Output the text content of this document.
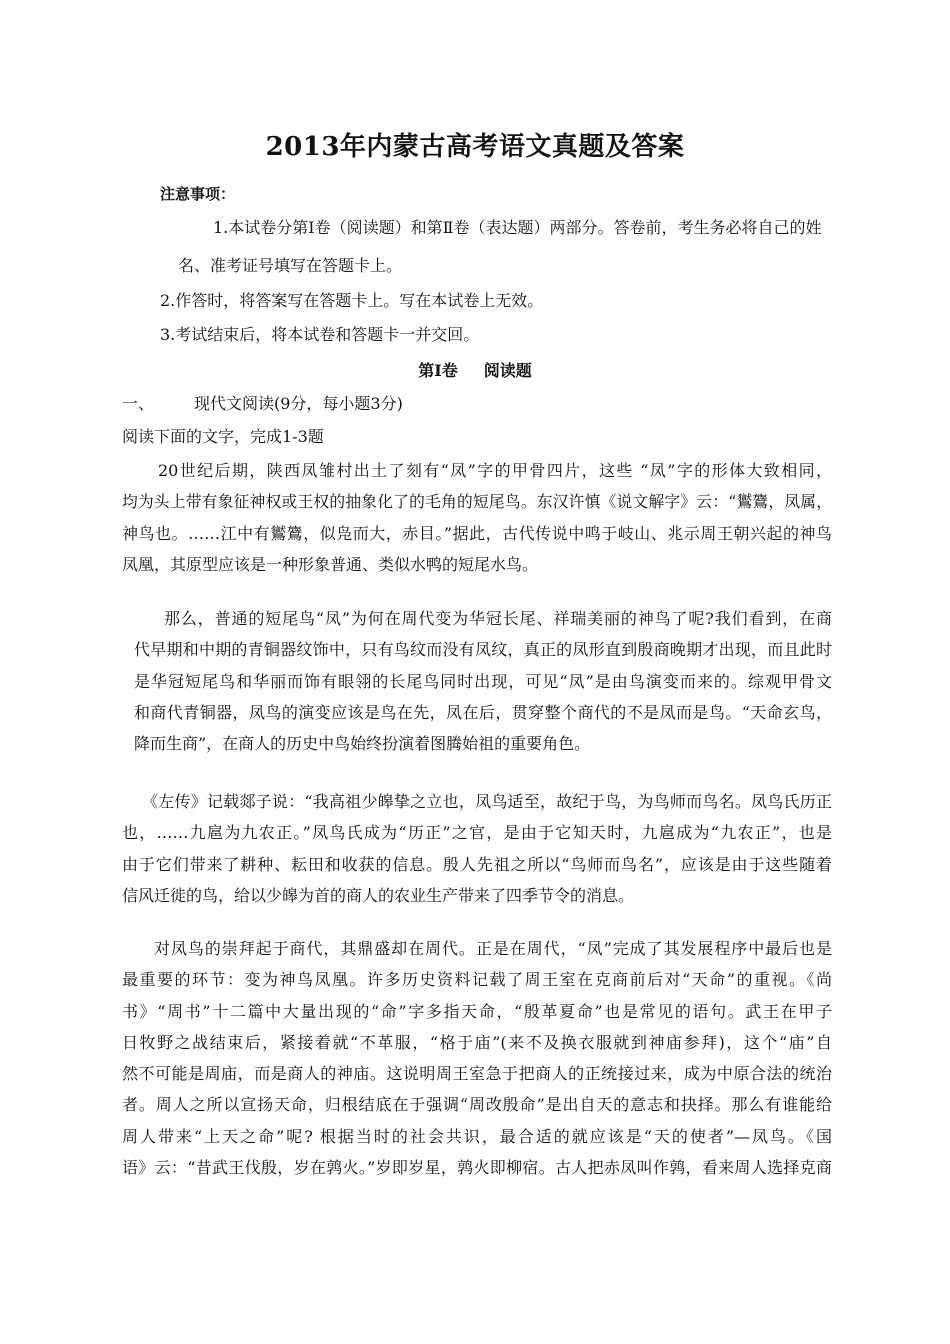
2013年内蒙古高考语文真题及答案
注意事项：
1.本试卷分第Ⅰ卷（阅读题）和第Ⅱ卷（表达题）两部分。答卷前，考生务必将自己的姓
名、准考证号填写在答题卡上。
2.作答时，将答案写在答题卡上。写在本试卷上无效。
3.考试结束后，将本试卷和答题卡一并交回。
第Ⅰ卷 阅读题
一、 现代文阅读(9分，每小题3分)
阅读下面的文字，完成1-3题
20世纪后期，陕西凤雏村出土了刻有“凤”字的甲骨四片，这些 “凤”字的形体大致相同，
均为头上带有象征神权或王权的抽象化了的毛角的短尾鸟。东汉许慎《说文解字》云：“鸑鷟，凤属，
神鸟也。……江中有鸑鷟，似凫而大，赤目。”据此，古代传说中鸣于岐山、兆示周王朝兴起的神鸟
凤凰，其原型应该是一种形象普通、类似水鸭的短尾水鸟。
那么，普通的短尾鸟“凤”为何在周代变为华冠长尾、祥瑞美丽的神鸟了呢?我们看到，在商
代早期和中期的青铜器纹饰中，只有鸟纹而没有凤纹，真正的凤形直到殷商晚期才出现，而且此时
是华冠短尾鸟和华丽而饰有眼翎的长尾鸟同时出现，可见“凤”是由鸟演变而来的。综观甲骨文
和商代青铜器，凤鸟的演变应该是鸟在先，凤在后，贯穿整个商代的不是凤而是鸟。“天命玄鸟，
降而生商”，在商人的历史中鸟始终扮演着图腾始祖的重要角色。
《左传》记载郯子说：“我高祖少皞挚之立也，凤鸟适至，故纪于鸟，为鸟师而鸟名。凤鸟氏历正
也，……九扈为九农正。”凤鸟氏成为“历正”之官，是由于它知天时，九扈成为“九农正”，也是
由于它们带来了耕种、耘田和收获的信息。殷人先祖之所以“鸟师而鸟名”，应该是由于这些随着
信风迁徙的鸟，给以少皞为首的商人的农业生产带来了四季节令的消息。
对凤鸟的崇拜起于商代，其鼎盛却在周代。正是在周代，“凤”完成了其发展程序中最后也是
最重要的环节：变为神鸟凤凰。许多历史资料记载了周王室在克商前后对“天命”的重视。《尚
书》“周书”十二篇中大量出现的“命”字多指天命，“殷革夏命”也是常见的语句。武王在甲子
日牧野之战结束后，紧接着就“不革服，“格于庙”(来不及换衣服就到神庙参拜)，这个“庙”自
然不可能是周庙，而是商人的神庙。这说明周王室急于把商人的正统接过来，成为中原合法的统治
者。周人之所以宣扬天命，归根结底在于强调“周改殷命”是出自天的意志和抉择。那么有谁能给
周人带来“上天之命”呢? 根据当时的社会共识，最合适的就应该是“天的使者”—凤鸟。《国
语》云：“昔武王伐殷，岁在鹑火。”岁即岁星，鹑火即柳宿。古人把赤凤叫作鹑，看来周人选择克商
